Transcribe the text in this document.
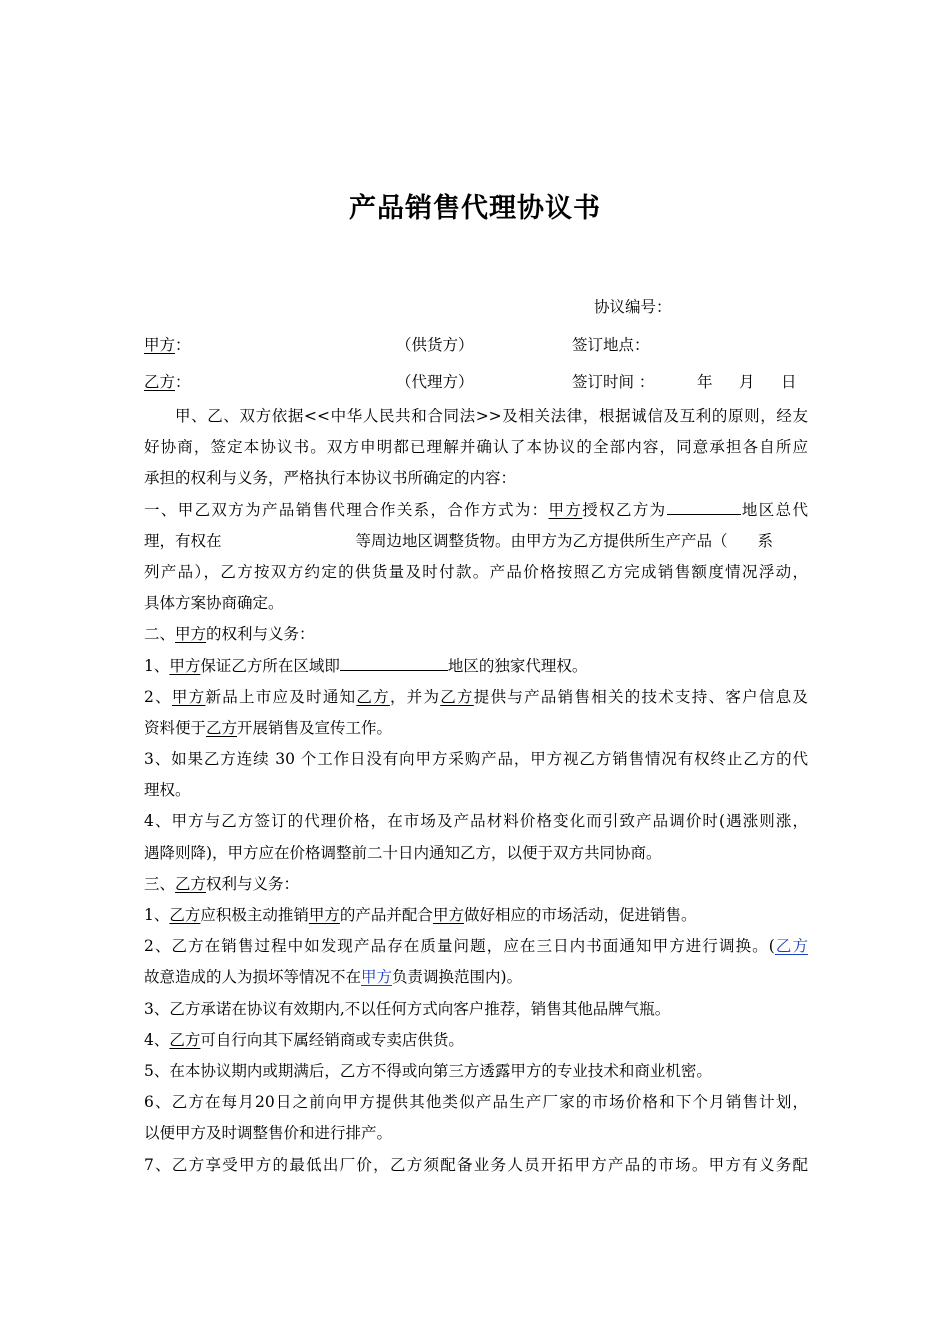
产品销售代理协议书
协议编号：
甲方：	（供货方）	签订地点：
乙方：	（代理方）	签订时间 ：	年 月 日
甲、乙、双方依据<<中华人民共和合同法>>及相关法律，根据诚信及互利的原则，经友
好协商，签定本协议书。双方申明都已理解并确认了本协议的全部内容，同意承担各自所应
承担的权利与义务，严格执行本协议书所确定的内容：
一、甲乙双方为产品销售代理合作关系，合作方式为：甲方授权乙方为	地区总代
理，有权在	等周边地区调整货物。由甲方为乙方提供所生产产品（ 系
列产品），乙方按双方约定的供货量及时付款。产品价格按照乙方完成销售额度情况浮动，
具体方案协商确定。
二、甲方的权利与义务：
1、甲方保证乙方所在区域即	地区的独家代理权。
2、甲方新品上市应及时通知乙方，并为乙方提供与产品销售相关的技术支持、客户信息及
资料便于乙方开展销售及宣传工作。
3、如果乙方连续 30 个工作日没有向甲方采购产品，甲方视乙方销售情况有权终止乙方的代
理权。
4、甲方与乙方签订的代理价格，在市场及产品材料价格变化而引致产品调价时(遇涨则涨，
遇降则降)，甲方应在价格调整前二十日内通知乙方，以便于双方共同协商。
三、乙方权利与义务：
1、乙方应积极主动推销甲方的产品并配合甲方做好相应的市场活动，促进销售。
2、乙方在销售过程中如发现产品存在质量问题，应在三日内书面通知甲方进行调换。(乙方
故意造成的人为损坏等情况不在甲方负责调换范围内)。
3、乙方承诺在协议有效期内,不以任何方式向客户推荐，销售其他品牌气瓶。
4、乙方可自行向其下属经销商或专卖店供货。
5、在本协议期内或期满后，乙方不得或向第三方透露甲方的专业技术和商业机密。
6、乙方在每月20日之前向甲方提供其他类似产品生产厂家的市场价格和下个月销售计划，
以便甲方及时调整售价和进行排产。
7、乙方享受甲方的最低出厂价，乙方须配备业务人员开拓甲方产品的市场。甲方有义务配
